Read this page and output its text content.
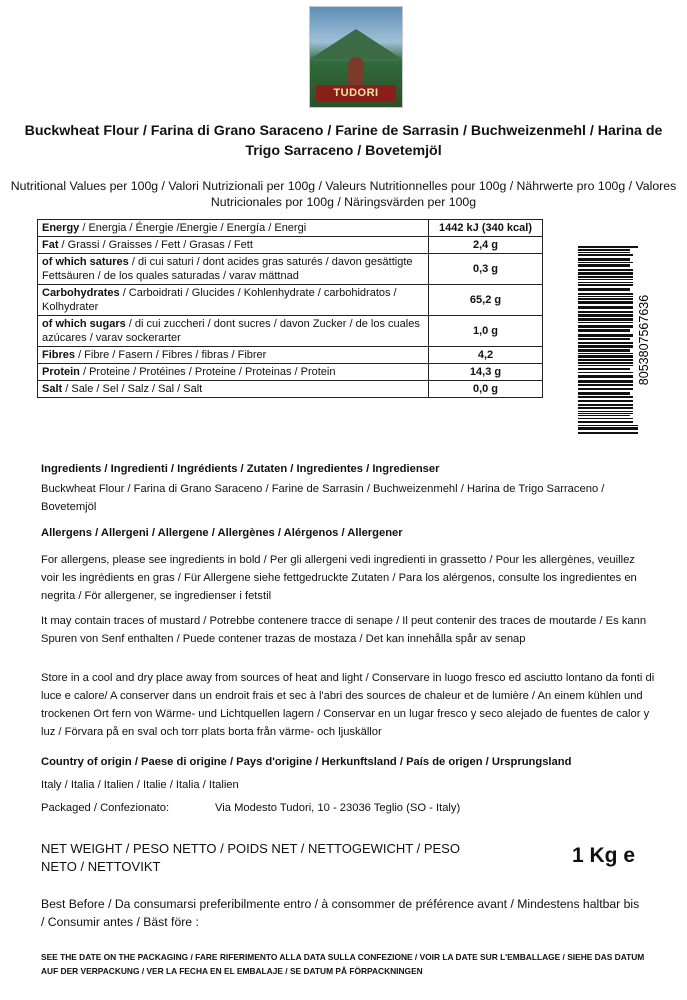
TUDORI
Buckwheat Flour / Farina di Grano Saraceno / Farine de Sarrasin / Buchweizenmehl / Harina de Trigo Sarraceno / Bovetemjöl
Nutritional Values per 100g / Valori Nutrizionali per 100g / Valeurs Nutritionnelles pour 100g / Nährwerte pro 100g / Valores Nutricionales por 100g / Näringsvärden per 100g
Energy / Energia / Énergie /Energie / Energía / Energi	1442 kJ (340 kcal)
Fat / Grassi / Graisses / Fett / Grasas / Fett	2,4 g
of which satures / di cui saturi / dont acides gras saturés / davon gesättigte Fettsäuren / de los quales saturadas / varav mättnad	0,3 g
Carbohydrates / Carboidrati / Glucides / Kohlenhydrate / carbohidratos / Kolhydrater	65,2 g
of which sugars / di cui zuccheri / dont sucres / davon Zucker / de los cuales azúcares / varav sockerarter	1,0 g
Fibres / Fibre / Fasern / Fibres / fibras / Fibrer	4,2
Protein / Proteine / Protéines / Proteine / Proteinas / Protein	14,3 g
Salt / Sale / Sel / Salz / Sal / Salt	0,0 g
8053807567636
Ingredients / Ingredienti / Ingrédients / Zutaten / Ingredientes / Ingredienser
Buckwheat Flour / Farina di Grano Saraceno / Farine de Sarrasin / Buchweizenmehl / Harina de Trigo Sarraceno / Bovetemjöl
Allergens / Allergeni / Allergene / Allergènes / Alérgenos / Allergener
For allergens, please see ingredients in bold / Per gli allergeni vedi ingredienti in grassetto / Pour les allergènes, veuillez voir les ingrédients en gras / Für Allergene siehe fettgedruckte Zutaten / Para los alérgenos, consulte los ingredientes en negrita / För allergener, se ingredienser i fetstil
It may contain traces of mustard / Potrebbe contenere tracce di senape / Il peut contenir des traces de moutarde / Es kann Spuren von Senf enthalten / Puede contener trazas de mostaza / Det kan innehålla spår av senap
Store in a cool and dry place away from sources of heat and light / Conservare in luogo fresco ed asciutto lontano da fonti di luce e calore/ A conserver dans un endroit frais et sec à l'abri des sources de chaleur et de lumière / An einem kühlen und trockenen Ort fern von Wärme- und Lichtquellen lagern / Conservar en un lugar fresco y seco alejado de fuentes de calor y luz / Förvara på en sval och torr plats borta från värme- och ljuskällor
Country of origin / Paese di origine / Pays d'origine / Herkunftsland / País de origen / Ursprungsland
Italy / Italia / Italien / Italie / Italia / Italien
Packaged / Confezionato:	Via Modesto Tudori, 10 - 23036 Teglio (SO - Italy)
NET WEIGHT / PESO NETTO / POIDS NET / NETTOGEWICHT / PESO NETO / NETTOVIKT	1 Kg e
Best Before / Da consumarsi preferibilmente entro / à consommer de préférence avant / Mindestens haltbar bis / Consumir antes / Bäst före :
SEE THE DATE ON THE PACKAGING / FARE RIFERIMENTO ALLA DATA SULLA CONFEZIONE / VOIR LA DATE SUR L'EMBALLAGE / SIEHE DAS DATUM AUF DER VERPACKUNG / VER LA FECHA EN EL EMBALAJE / SE DATUM PÅ FÖRPACKNINGEN
